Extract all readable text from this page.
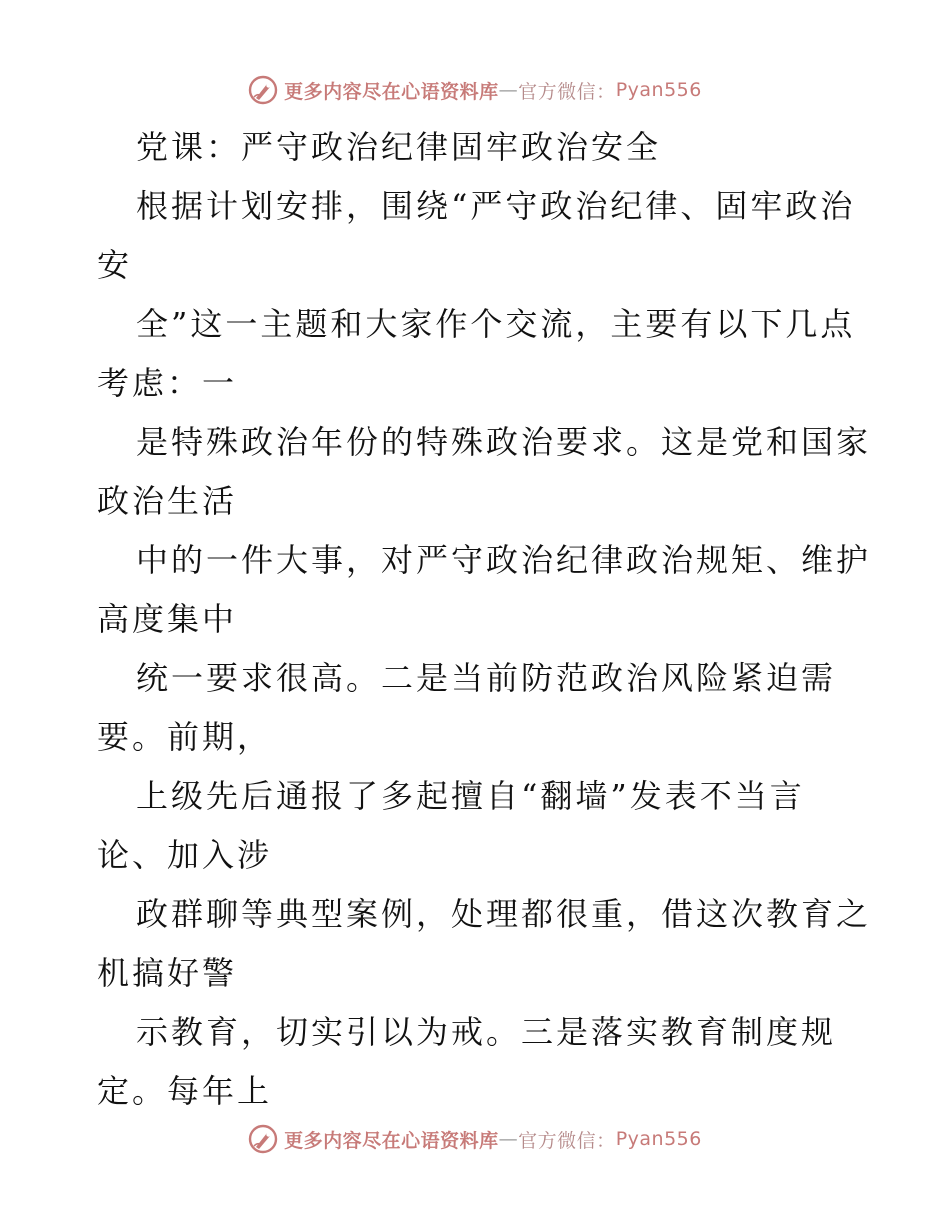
更多内容尽在心语资料库 — 官方微信： Pyan556
党课：严守政治纪律固牢政治安全
根据计划安排，围绕“严守政治纪律、固牢政治
安
全”这一主题和大家作个交流，主要有以下几点
考虑：一
是特殊政治年份的特殊政治要求。这是党和国家
政治生活
中的一件大事，对严守政治纪律政治规矩、维护
高度集中
统一要求很高。二是当前防范政治风险紧迫需
要。前期，
上级先后通报了多起擅自“翻墙”发表不当言
论、加入涉
政群聊等典型案例，处理都很重，借这次教育之
机搞好警
示教育，切实引以为戒。三是落实教育制度规
定。每年上
更多内容尽在心语资料库 — 官方微信： Pyan556
